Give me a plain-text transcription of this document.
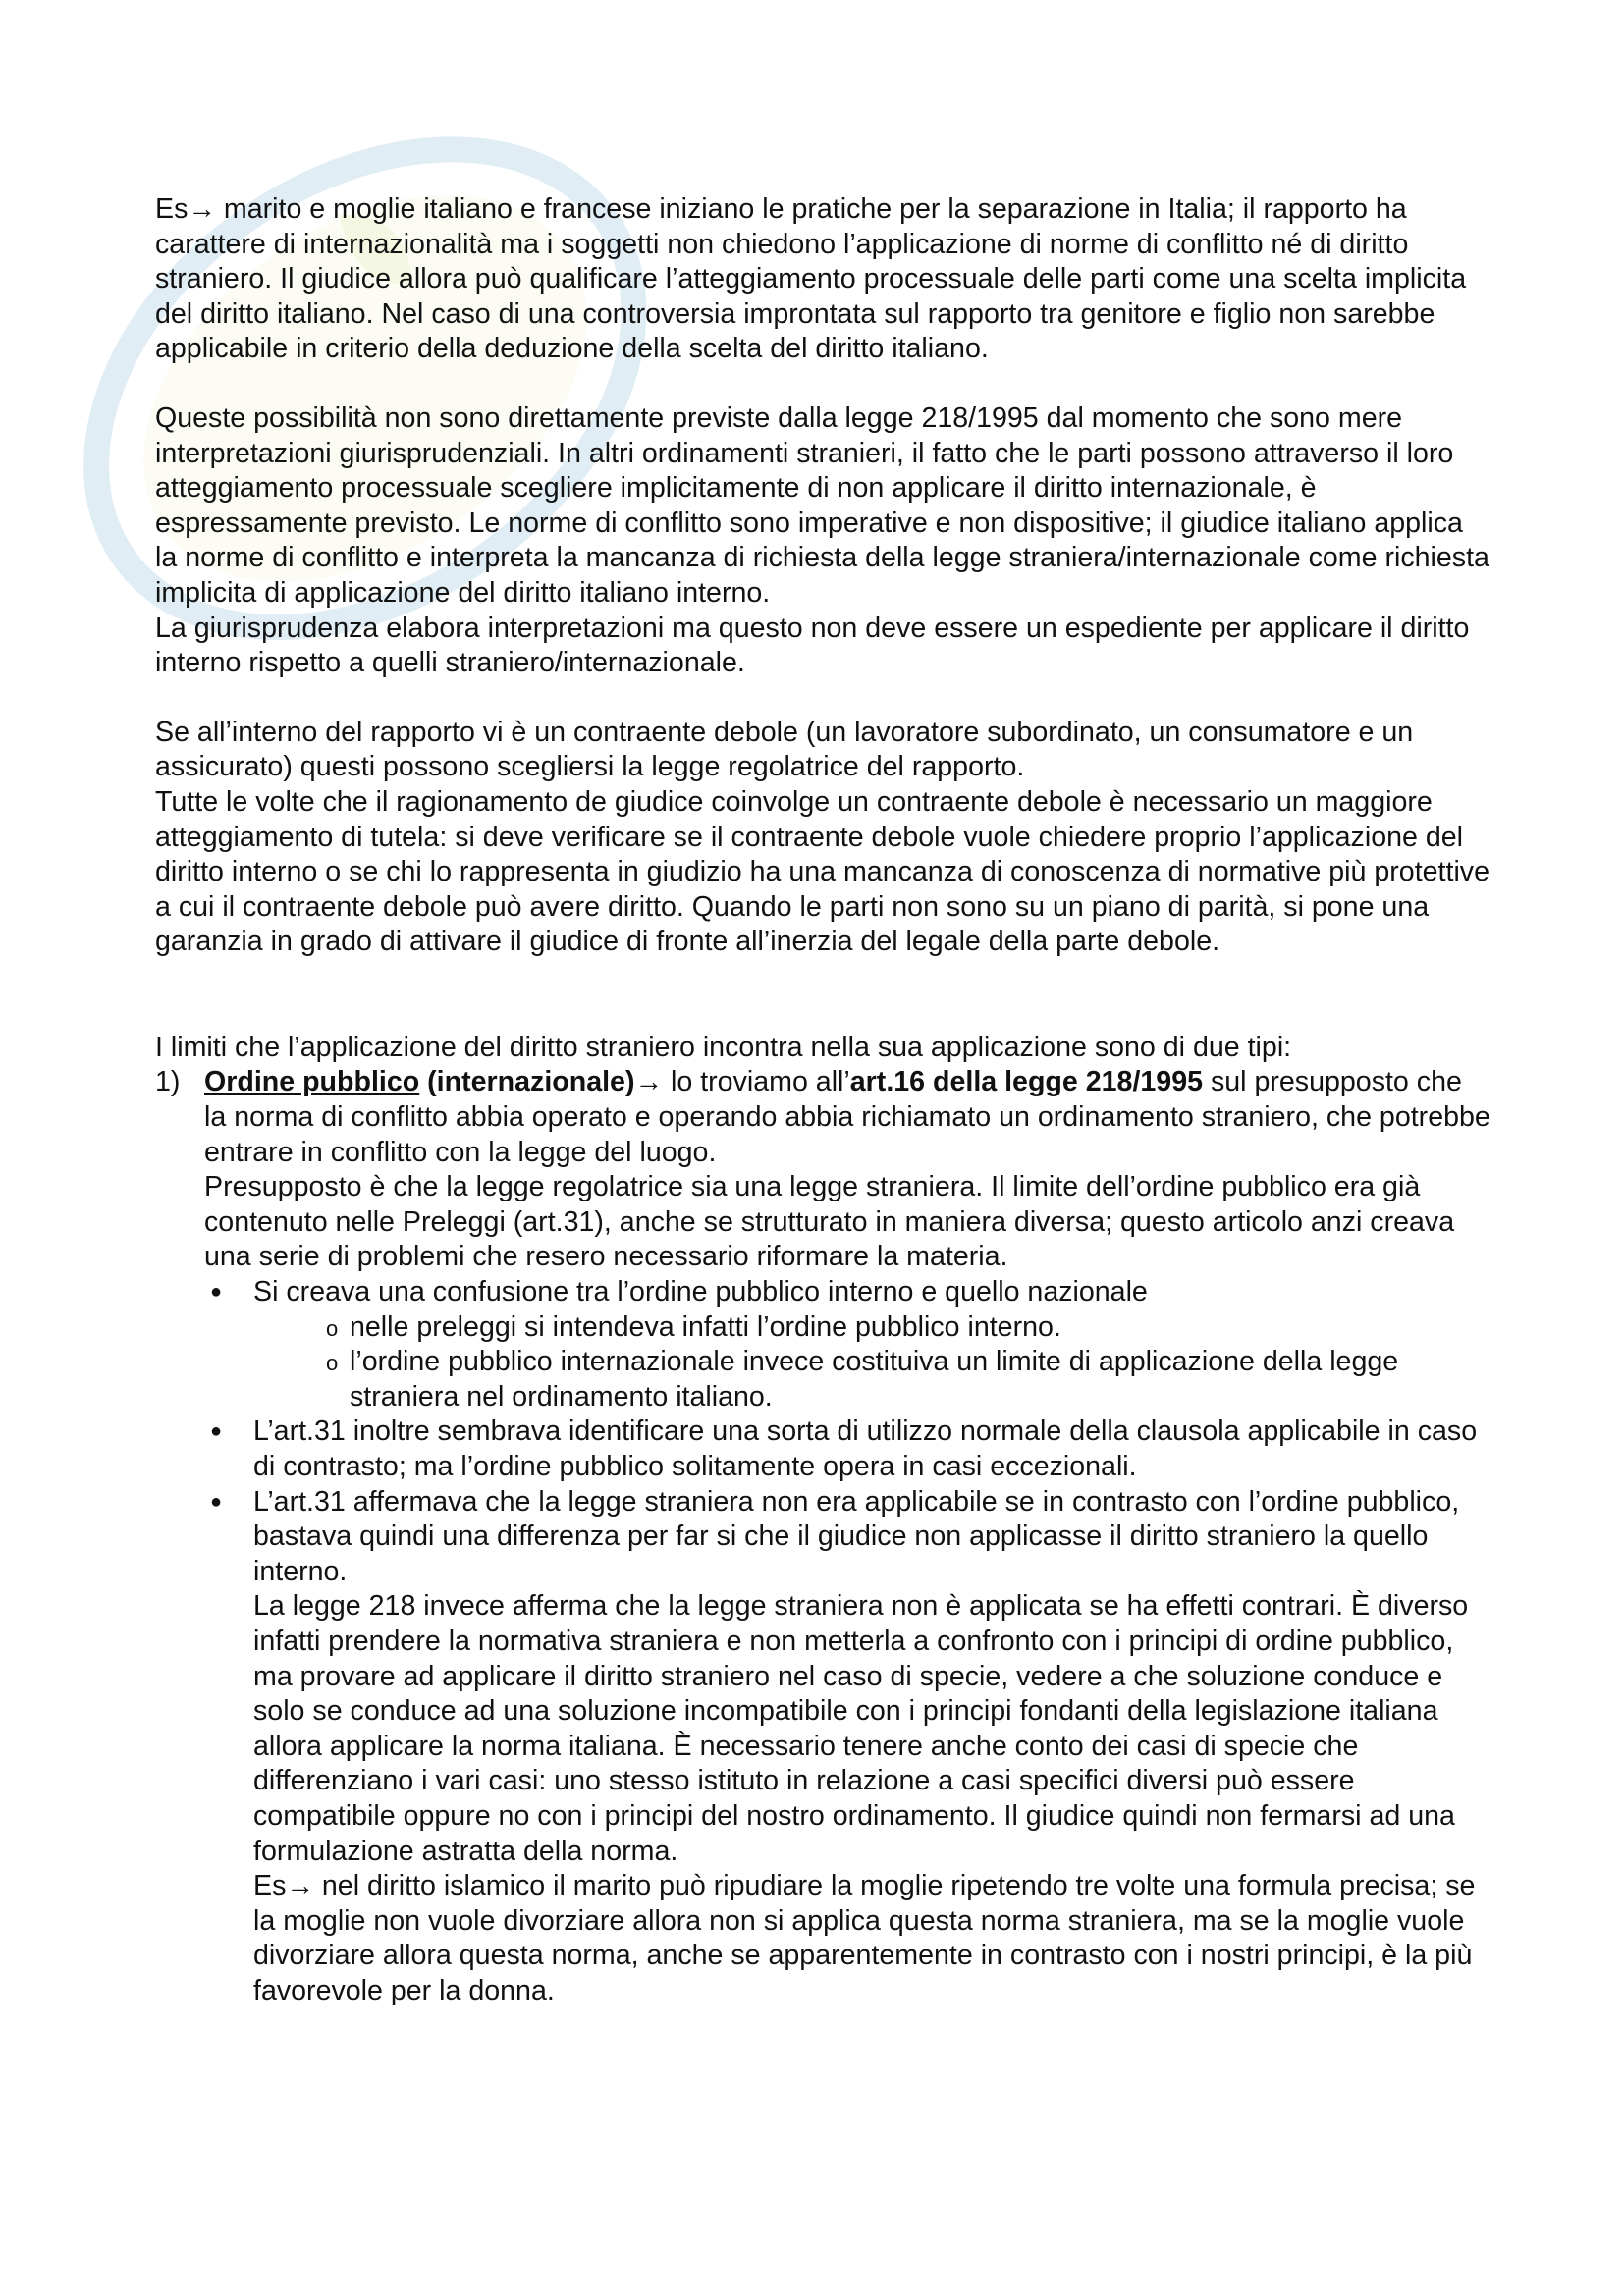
Es→ marito e moglie italiano e francese iniziano le pratiche per la separazione in Italia; il rapporto ha carattere di internazionalità ma i soggetti non chiedono l’applicazione di norme di conflitto né di diritto straniero. Il giudice allora può qualificare l’atteggiamento processuale delle parti come una scelta implicita del diritto italiano. Nel caso di una controversia improntata sul rapporto tra genitore e figlio non sarebbe applicabile in criterio della deduzione della scelta del diritto italiano.

Queste possibilità non sono direttamente previste dalla legge 218/1995 dal momento che sono mere interpretazioni giurisprudenziali. In altri ordinamenti stranieri, il fatto che le parti possono attraverso il loro atteggiamento processuale scegliere implicitamente di non applicare il diritto internazionale, è espressamente previsto. Le norme di conflitto sono imperative e non dispositive; il giudice italiano applica la norme di conflitto e interpreta la mancanza di richiesta della legge straniera/internazionale come richiesta implicita di applicazione del diritto italiano interno.

La giurisprudenza elabora interpretazioni ma questo non deve essere un espediente per applicare il diritto interno rispetto a quelli straniero/internazionale.

Se all’interno del rapporto vi è un contraente debole (un lavoratore subordinato, un consumatore e un assicurato) questi possono scegliersi la legge regolatrice del rapporto.

Tutte le volte che il ragionamento de giudice coinvolge un contraente debole è necessario un maggiore atteggiamento di tutela: si deve verificare se il contraente debole vuole chiedere proprio l’applicazione del diritto interno o se chi lo rappresenta in giudizio ha una mancanza di conoscenza di normative più protettive a cui il contraente debole può avere diritto. Quando le parti non sono su un piano di parità, si pone una garanzia in grado di attivare il giudice di fronte all’inerzia del legale della parte debole.

I limiti che l’applicazione del diritto straniero incontra nella sua applicazione sono di due tipi:

1) Ordine pubblico (internazionale)→ lo troviamo all’art.16 della legge 218/1995 sul presupposto che la norma di conflitto abbia operato e operando abbia richiamato un ordinamento straniero, che potrebbe entrare in conflitto con la legge del luogo.

Presupposto è che la legge regolatrice sia una legge straniera. Il limite dell’ordine pubblico era già contenuto nelle Preleggi (art.31), anche se strutturato in maniera diversa; questo articolo anzi creava una serie di problemi che resero necessario riformare la materia.

● Si creava una confusione tra l’ordine pubblico interno e quello nazionale
o nelle preleggi si intendeva infatti l’ordine pubblico interno.
o l’ordine pubblico internazionale invece costituiva un limite di applicazione della legge straniera nel ordinamento italiano.
● L’art.31 inoltre sembrava identificare una sorta di utilizzo normale della clausola applicabile in caso di contrasto; ma l’ordine pubblico solitamente opera in casi eccezionali.
● L’art.31 affermava che la legge straniera non era applicabile se in contrasto con l’ordine pubblico, bastava quindi una differenza per far si che il giudice non applicasse il diritto straniero la quello interno.

La legge 218 invece afferma che la legge straniera non è applicata se ha effetti contrari. È diverso infatti prendere la normativa straniera e non metterla a confronto con i principi di ordine pubblico, ma provare ad applicare il diritto straniero nel caso di specie, vedere a che soluzione conduce e solo se conduce ad una soluzione incompatibile con i principi fondanti della legislazione italiana allora applicare la norma italiana. È necessario tenere anche conto dei casi di specie che differenziano i vari casi: uno stesso istituto in relazione a casi specifici diversi può essere compatibile oppure no con i principi del nostro ordinamento. Il giudice quindi non fermarsi ad una formulazione astratta della norma.

Es→ nel diritto islamico il marito può ripudiare la moglie ripetendo tre volte una formula precisa; se la moglie non vuole divorziare allora non si applica questa norma straniera, ma se la moglie vuole divorziare allora questa norma, anche se apparentemente in contrasto con i nostri principi, è la più favorevole per la donna.
